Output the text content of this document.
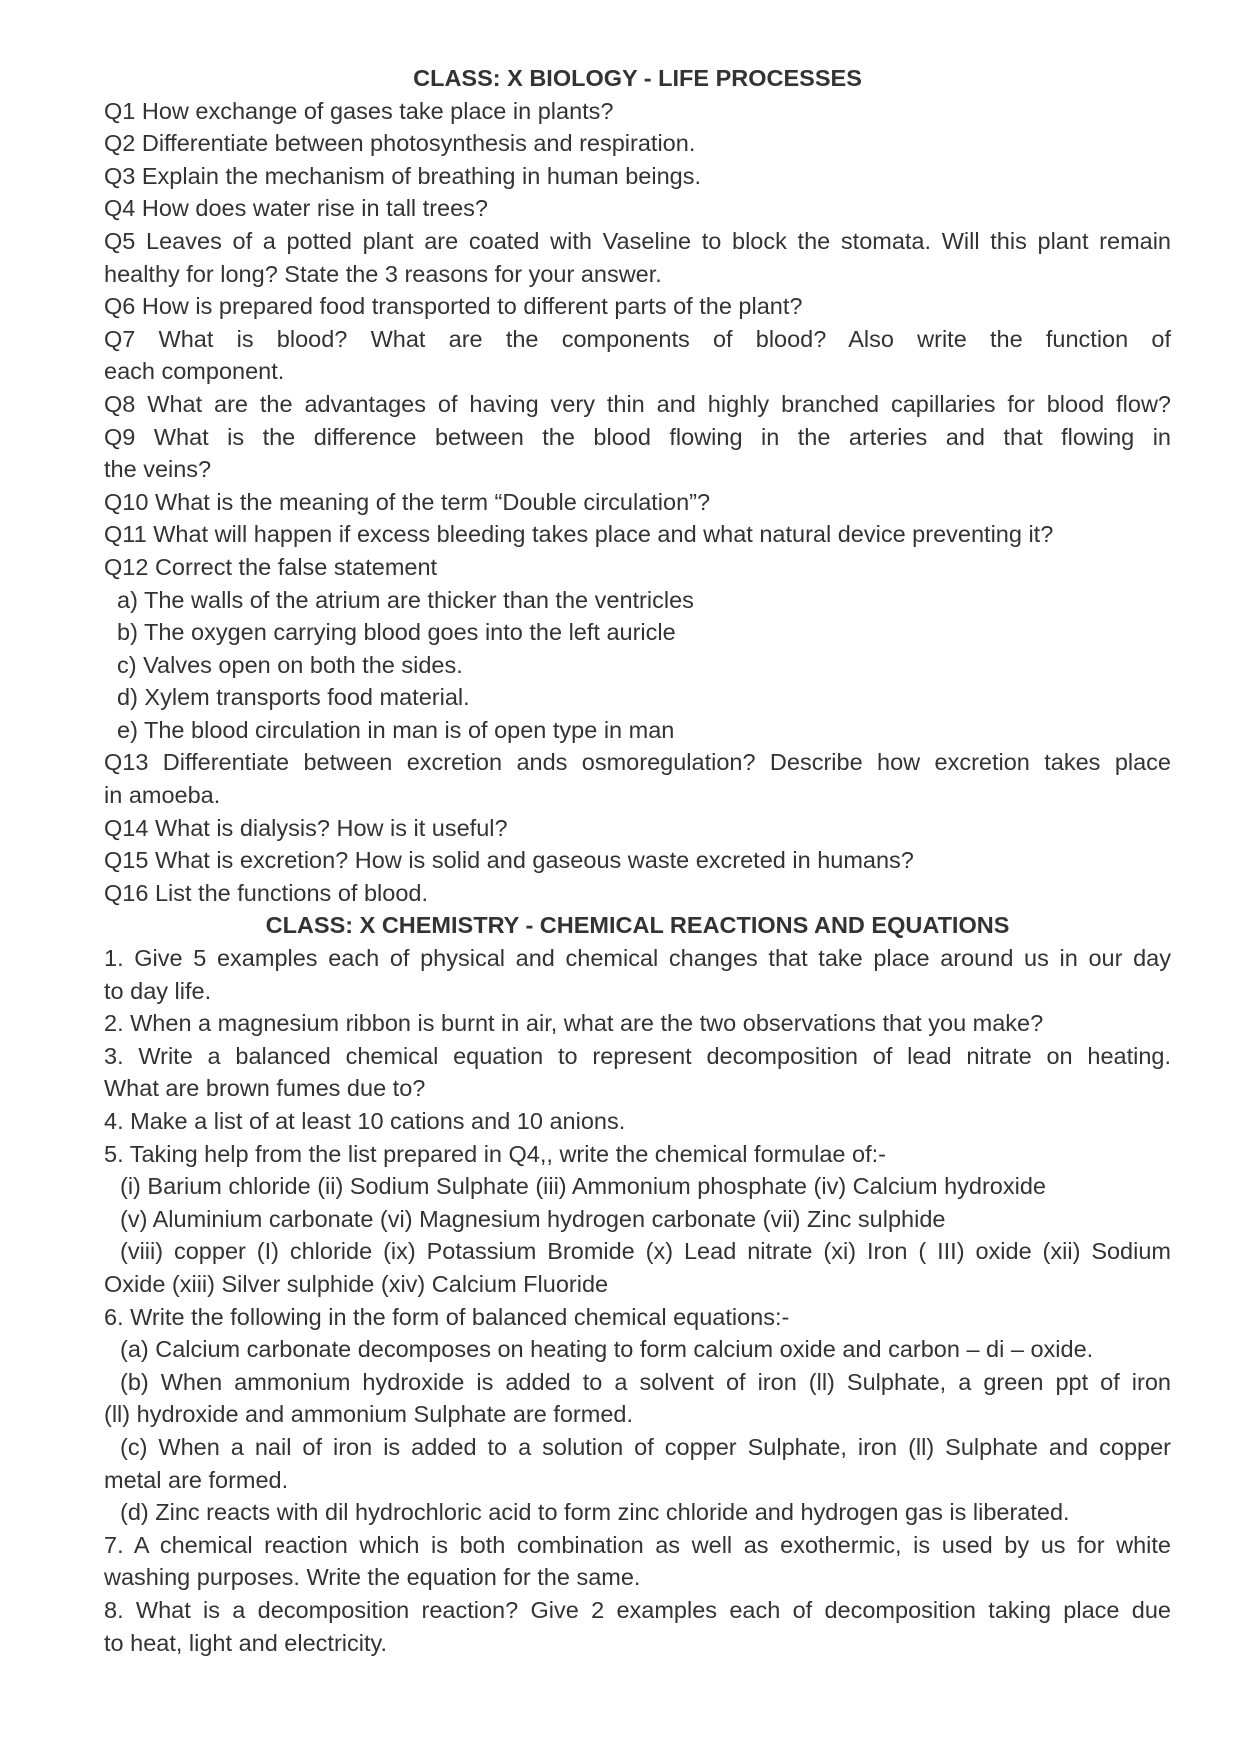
CLASS: X BIOLOGY - LIFE PROCESSES
Q1 How exchange of gases take place in plants?
Q2 Differentiate between photosynthesis and respiration.
Q3 Explain the mechanism of breathing in human beings.
Q4 How does water rise in tall trees?
Q5 Leaves of a potted plant are coated with Vaseline to block the stomata. Will this plant remain
healthy for long? State the 3 reasons for your answer.
Q6 How is prepared food transported to different parts of the plant?
Q7 What is blood? What are the components of blood? Also write the function of
each component.
Q8 What are the advantages of having very thin and highly branched capillaries for blood flow?
Q9 What is the difference between the blood flowing in the arteries and that flowing in
the veins?
Q10 What is the meaning of the term “Double circulation”?
Q11 What will happen if excess bleeding takes place and what natural device preventing it?
Q12 Correct the false statement
a) The walls of the atrium are thicker than the ventricles
b) The oxygen carrying blood goes into the left auricle
c) Valves open on both the sides.
d) Xylem transports food material.
e) The blood circulation in man is of open type in man
Q13 Differentiate between excretion ands osmoregulation? Describe how excretion takes place
in amoeba.
Q14 What is dialysis? How is it useful?
Q15 What is excretion? How is solid and gaseous waste excreted in humans?
Q16 List the functions of blood.
CLASS: X CHEMISTRY - CHEMICAL REACTIONS AND EQUATIONS
1. Give 5 examples each of physical and chemical changes that take place around us in our day
to day life.
2. When a magnesium ribbon is burnt in air, what are the two observations that you make?
3. Write a balanced chemical equation to represent decomposition of lead nitrate on heating.
What are brown fumes due to?
4. Make a list of at least 10 cations and 10 anions.
5. Taking help from the list prepared in Q4,, write the chemical formulae of:-
(i) Barium chloride (ii) Sodium Sulphate (iii) Ammonium phosphate (iv) Calcium hydroxide
(v) Aluminium carbonate (vi) Magnesium hydrogen carbonate (vii) Zinc sulphide
(viii) copper (I) chloride (ix) Potassium Bromide (x) Lead nitrate (xi) Iron ( III) oxide (xii) Sodium
Oxide (xiii) Silver sulphide (xiv) Calcium Fluoride
6. Write the following in the form of balanced chemical equations:-
(a) Calcium carbonate decomposes on heating to form calcium oxide and carbon – di – oxide.
(b) When ammonium hydroxide is added to a solvent of iron (ll) Sulphate, a green ppt of iron
(ll) hydroxide and ammonium Sulphate are formed.
(c) When a nail of iron is added to a solution of copper Sulphate, iron (ll) Sulphate and copper
metal are formed.
(d) Zinc reacts with dil hydrochloric acid to form zinc chloride and hydrogen gas is liberated.
7. A chemical reaction which is both combination as well as exothermic, is used by us for white
washing purposes. Write the equation for the same.
8. What is a decomposition reaction? Give 2 examples each of decomposition taking place due
to heat, light and electricity.
